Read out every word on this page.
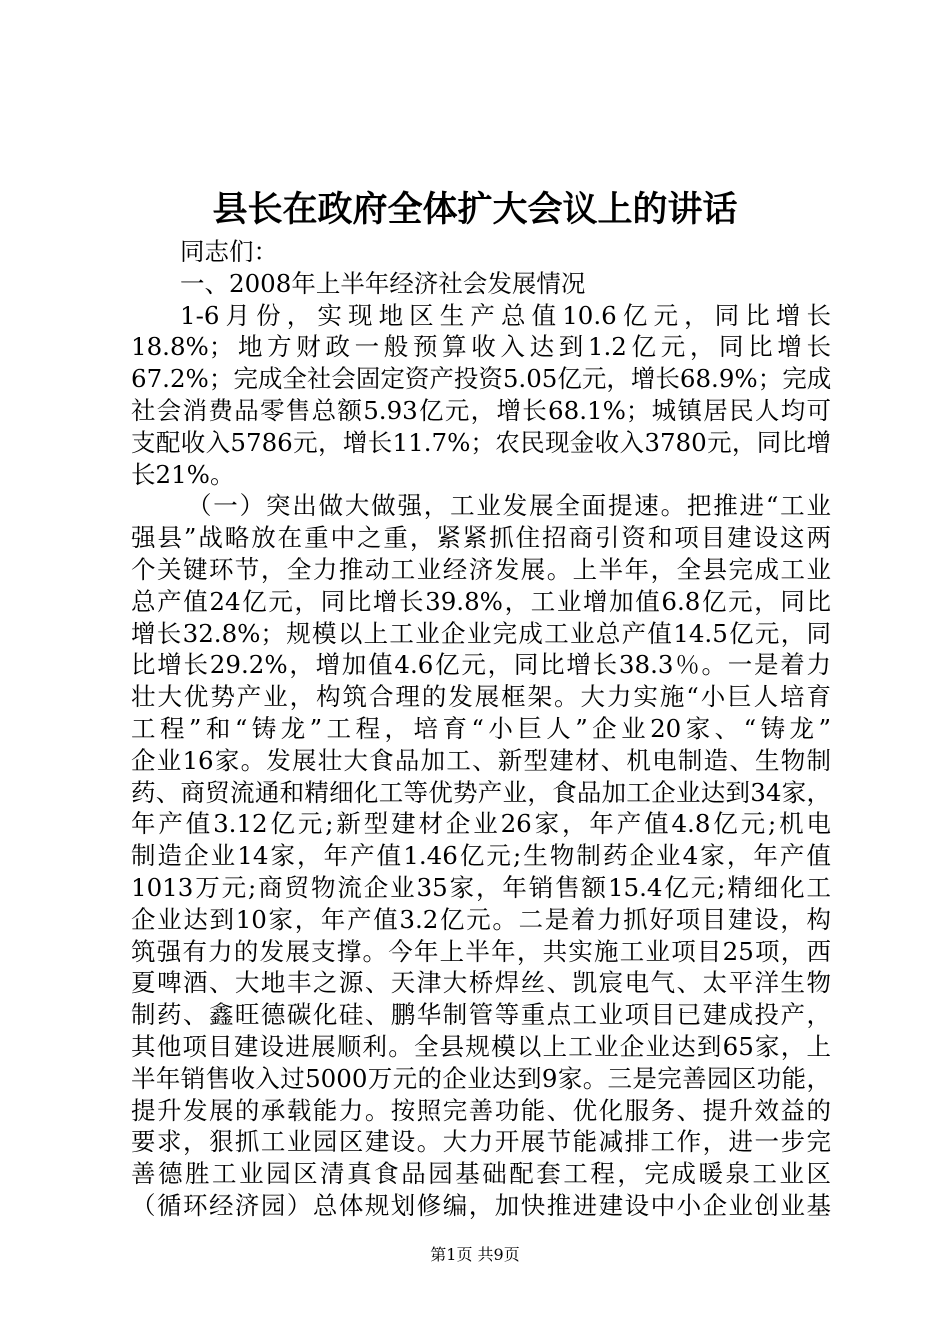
县长在政府全体扩大会议上的讲话
同志们：
一、2008年上半年经济社会发展情况
1-6月份，实现地区生产总值10.6亿元，同比增长
18.8%；地方财政一般预算收入达到1.2亿元，同比增长
67.2%；完成全社会固定资产投资5.05亿元，增长68.9%；完成
社会消费品零售总额5.93亿元，增长68.1%；城镇居民人均可
支配收入5786元，增长11.7%；农民现金收入3780元，同比增
长21%。
（一）突出做大做强，工业发展全面提速。把推进“工业
强县”战略放在重中之重，紧紧抓住招商引资和项目建设这两
个关键环节，全力推动工业经济发展。上半年，全县完成工业
总产值24亿元，同比增长39.8%，工业增加值6.8亿元，同比
增长32.8%；规模以上工业企业完成工业总产值14.5亿元，同
比增长29.2%，增加值4.6亿元，同比增长38.3％。一是着力
壮大优势产业，构筑合理的发展框架。大力实施“小巨人培育
工程”和“铸龙”工程，培育“小巨人”企业20家、“铸龙”
企业16家。发展壮大食品加工、新型建材、机电制造、生物制
药、商贸流通和精细化工等优势产业，食品加工企业达到34家，
年产值3.12亿元;新型建材企业26家，年产值4.8亿元;机电
制造企业14家，年产值1.46亿元;生物制药企业4家，年产值
1013万元;商贸物流企业35家，年销售额15.4亿元;精细化工
企业达到10家，年产值3.2亿元。二是着力抓好项目建设，构
筑强有力的发展支撑。今年上半年，共实施工业项目25项，西
夏啤酒、大地丰之源、天津大桥焊丝、凯宸电气、太平洋生物
制药、鑫旺德碳化硅、鹏华制管等重点工业项目已建成投产，
其他项目建设进展顺利。全县规模以上工业企业达到65家，上
半年销售收入过5000万元的企业达到9家。三是完善园区功能，
提升发展的承载能力。按照完善功能、优化服务、提升效益的
要求，狠抓工业园区建设。大力开展节能减排工作，进一步完
善德胜工业园区清真食品园基础配套工程，完成暖泉工业区
（循环经济园）总体规划修编，加快推进建设中小企业创业基
第1页 共9页
